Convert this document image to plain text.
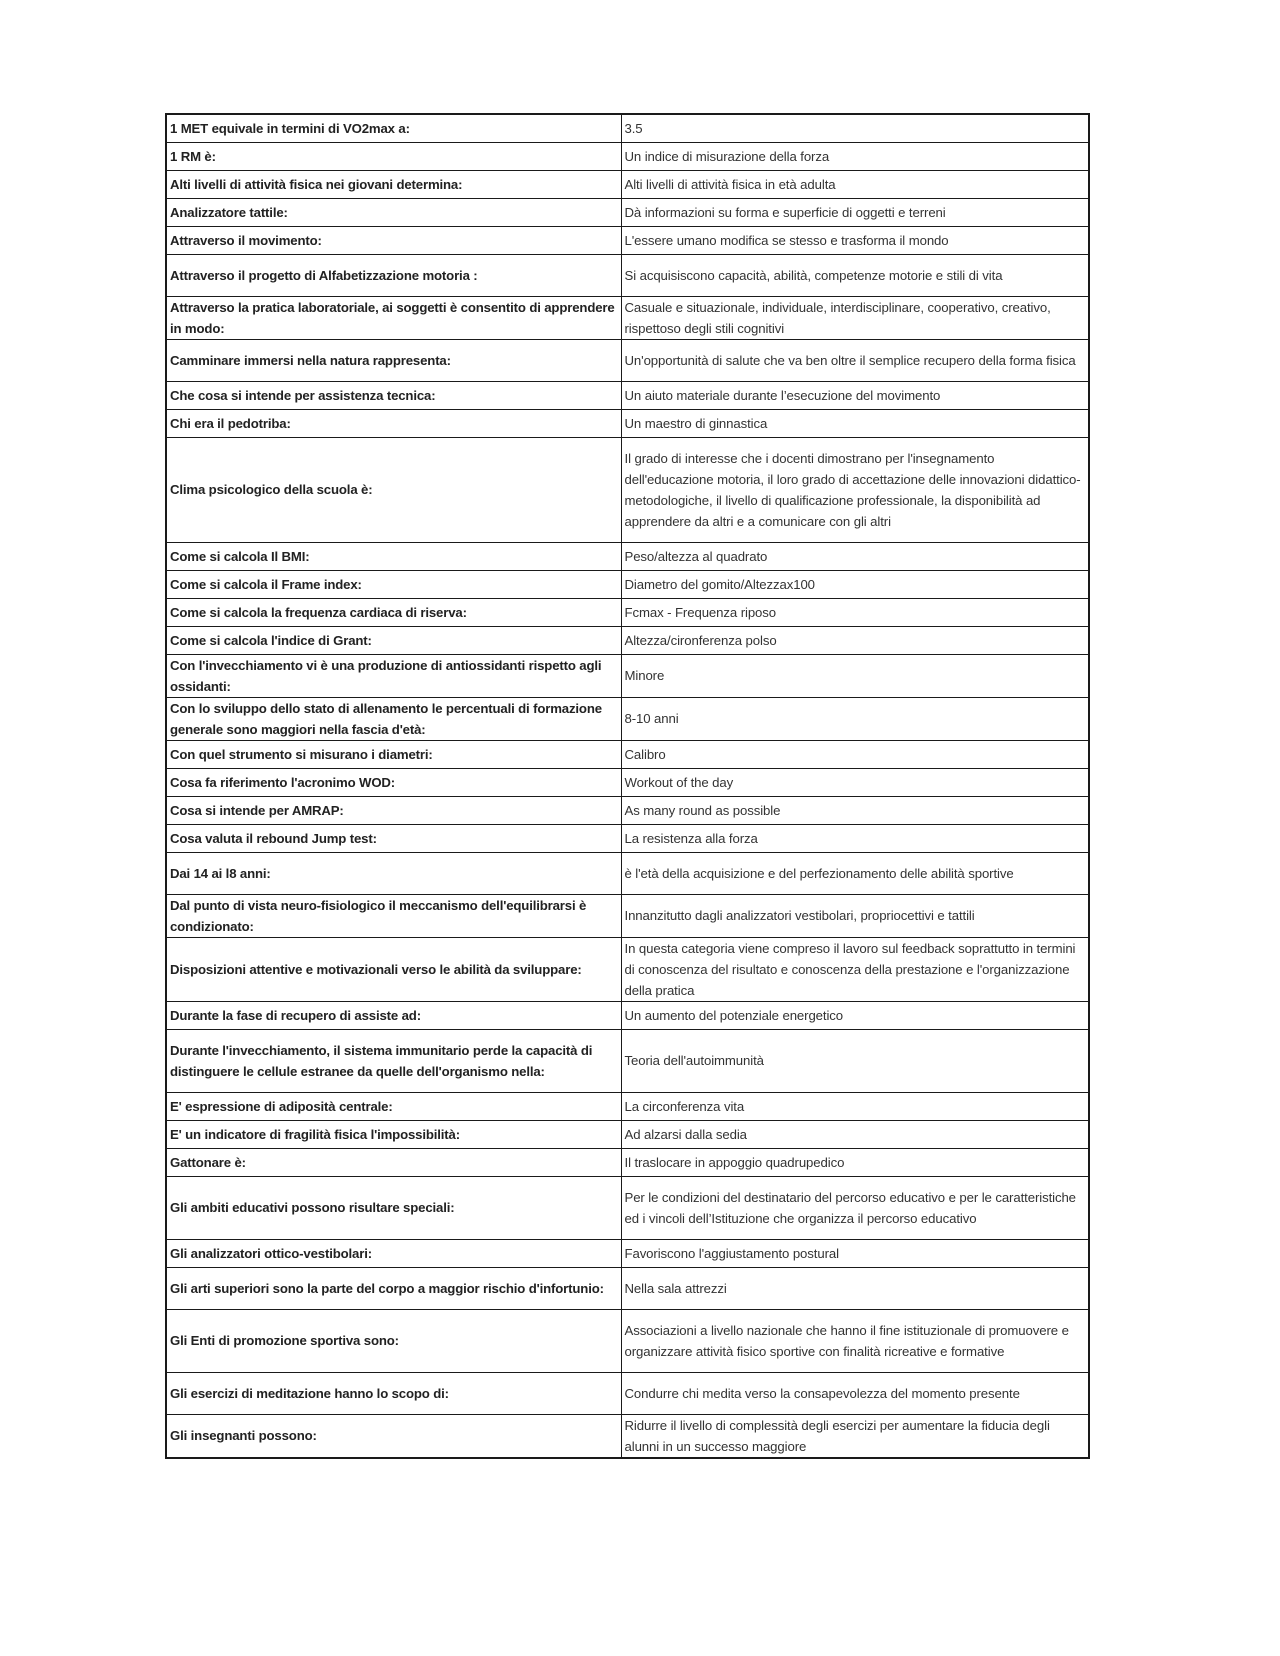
1 MET equivale in termini di VO2max a:	3.5
1 RM è:	Un indice di misurazione della forza
Alti livelli di attività fisica nei giovani determina:	Alti livelli di attività fisica in età adulta
Analizzatore tattile:	Dà informazioni su forma e superficie di oggetti e terreni
Attraverso il movimento:	L'essere umano modifica se stesso e trasforma il mondo
Attraverso il progetto di Alfabetizzazione motoria :	Si acquisiscono capacità, abilità, competenze motorie e stili di vita
Attraverso la pratica laboratoriale, ai soggetti è consentito di apprendere in modo:	Casuale e situazionale, individuale, interdisciplinare, cooperativo, creativo, rispettoso degli stili cognitivi
Camminare immersi nella natura rappresenta:	Un'opportunità di salute che va ben oltre il semplice recupero della forma fisica
Che cosa si intende per assistenza tecnica:	Un aiuto materiale durante l’esecuzione del movimento
Chi era il pedotriba:	Un maestro di ginnastica
Clima psicologico della scuola è:	Il grado di interesse che i docenti dimostrano per l'insegnamento dell'educazione motoria, il loro grado di accettazione delle innovazioni didattico-metodologiche, il livello di qualificazione professionale, la disponibilità ad apprendere da altri e a comunicare con gli altri
Come si calcola Il BMI:	Peso/altezza al quadrato
Come si calcola il Frame index:	Diametro del gomito/Altezzax100
Come si calcola la frequenza cardiaca di riserva:	Fcmax - Frequenza riposo
Come si calcola l'indice di Grant:	Altezza/cironferenza polso
Con l'invecchiamento vi è una produzione di antiossidanti rispetto agli ossidanti:	Minore
Con lo sviluppo dello stato di allenamento le percentuali di formazione generale sono maggiori nella fascia d'età:	8-10 anni
Con quel strumento si misurano i diametri:	Calibro
Cosa fa riferimento l'acronimo WOD:	Workout of the day
Cosa si intende per AMRAP:	As many round as possible
Cosa valuta il rebound Jump test:	La resistenza alla forza
Dai 14 ai l8 anni:	è l'età della acquisizione e del perfezionamento delle abilità sportive
Dal punto di vista neuro-fisiologico il meccanismo dell'equilibrarsi è condizionato:	Innanzitutto dagli analizzatori vestibolari, propriocettivi e tattili
Disposizioni attentive e motivazionali verso le abilità da sviluppare:	In questa categoria viene compreso il lavoro sul feedback soprattutto in termini di conoscenza del risultato e conoscenza della prestazione e l'organizzazione della pratica
Durante la fase di recupero di assiste ad:	Un aumento del potenziale energetico
Durante l'invecchiamento, il sistema immunitario perde la capacità di distinguere le cellule estranee da quelle dell'organismo nella:	Teoria dell'autoimmunità
E' espressione di adiposità centrale:	La circonferenza vita
E' un indicatore di fragilità fisica l'impossibilità:	Ad alzarsi dalla sedia
Gattonare è:	Il traslocare in appoggio quadrupedico
Gli ambiti educativi possono risultare speciali:	Per le condizioni del destinatario del percorso educativo e per le caratteristiche ed i vincoli dell’Istituzione che organizza il percorso educativo
Gli analizzatori ottico-vestibolari:	Favoriscono l'aggiustamento postural
Gli arti superiori sono la parte del corpo a maggior rischio d'infortunio:	Nella sala attrezzi
Gli Enti di promozione sportiva sono:	Associazioni a livello nazionale che hanno il fine istituzionale di promuovere e organizzare attività fisico sportive con finalità ricreative e formative
Gli esercizi di meditazione hanno lo scopo di:	Condurre chi medita verso la consapevolezza del momento presente
Gli insegnanti possono:	Ridurre il livello di complessità degli esercizi per aumentare la fiducia degli alunni in un successo maggiore
